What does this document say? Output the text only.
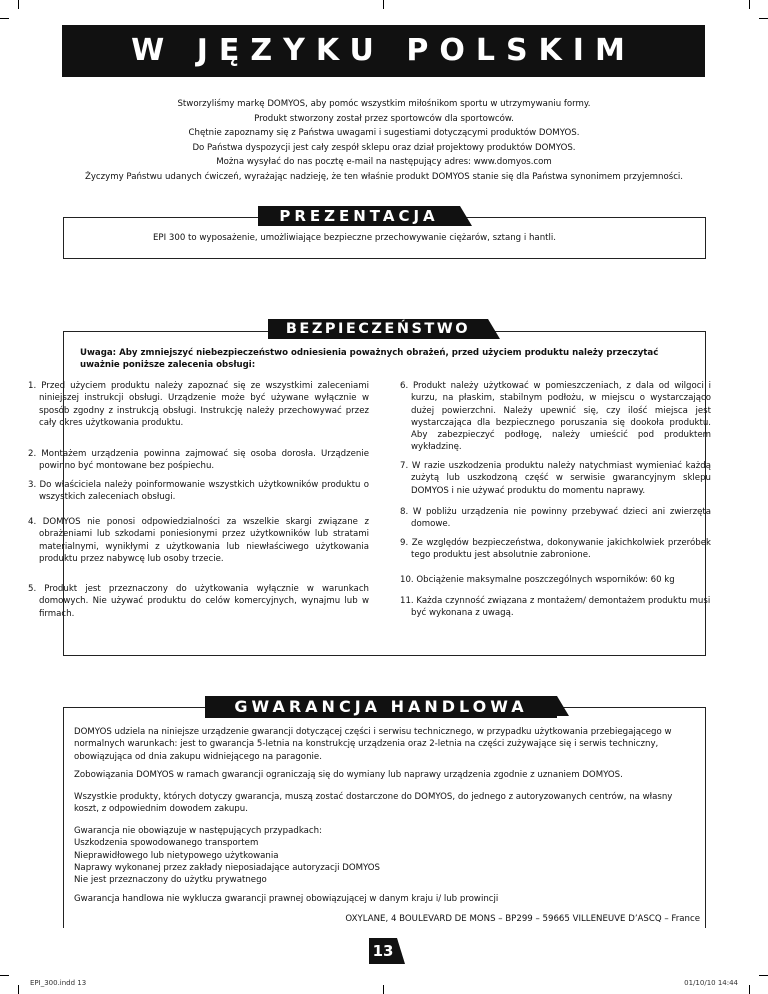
W JĘZYKU POLSKIM
Stworzyliśmy markę DOMYOS, aby pomóc wszystkim miłośnikom sportu w utrzymywaniu formy.
Produkt stworzony został przez sportowców dla sportowców.
Chętnie zapoznamy się z Państwa uwagami i sugestiami dotyczącymi produktów DOMYOS.
Do Państwa dyspozycji jest cały zespół sklepu oraz dział projektowy produktów DOMYOS.
Można wysyłać do nas pocztę e-mail na następujący adres: www.domyos.com
Życzymy Państwu udanych ćwiczeń, wyrażając nadzieję, że ten właśnie produkt DOMYOS stanie się dla Państwa synonimem przyjemności.
PREZENTACJA
EPI 300 to wyposażenie, umożliwiające bezpieczne przechowywanie ciężarów, sztang i hantli.
BEZPIECZEŃSTWO
Uwaga: Aby zmniejszyć niebezpieczeństwo odniesienia poważnych obrażeń, przed użyciem produktu należy przeczytać uważnie poniższe zalecenia obsługi:
1. Przed użyciem produktu należy zapoznać się ze wszystkimi zaleceniami niniejszej instrukcji obsługi. Urządzenie może być używane wyłącznie w sposób zgodny z instrukcją obsługi. Instrukcję należy przechowywać przez cały okres użytkowania produktu.
2. Montażem urządzenia powinna zajmować się osoba dorosła. Urządzenie powinno być montowane bez pośpiechu.
3. Do właściciela należy poinformowanie wszystkich użytkowników produktu o wszystkich zaleceniach obsługi.
4. DOMYOS nie ponosi odpowiedzialności za wszelkie skargi związane z obrażeniami lub szkodami poniesionymi przez użytkowników lub stratami materialnymi, wynikłymi z użytkowania lub niewłaściwego użytkowania produktu przez nabywcę lub osoby trzecie.
5. Produkt jest przeznaczony do użytkowania wyłącznie w warunkach domowych. Nie używać produktu do celów komercyjnych, wynajmu lub w firmach.
6. Produkt należy użytkować w pomieszczeniach, z dala od wilgoci i kurzu, na płaskim, stabilnym podłożu, w miejscu o wystarczająco dużej powierzchni. Należy upewnić się, czy ilość miejsca jest wystarczająca dla bezpiecznego poruszania się dookoła produktu. Aby zabezpieczyć podłogę, należy umieścić pod produktem wykładzinę.
7. W razie uszkodzenia produktu należy natychmiast wymieniać każdą zużytą lub uszkodzoną część w serwisie gwarancyjnym sklepu DOMYOS i nie używać produktu do momentu naprawy.
8. W pobliżu urządzenia nie powinny przebywać dzieci ani zwierzęta domowe.
9. Ze względów bezpieczeństwa, dokonywanie jakichkolwiek przeróbek tego produktu jest absolutnie zabronione.
10. Obciążenie maksymalne poszczególnych wsporników: 60 kg
11. Każda czynność związana z montażem/ demontażem produktu musi być wykonana z uwagą.
GWARANCJA HANDLOWA
DOMYOS udziela na niniejsze urządzenie gwarancji dotyczącej części i serwisu technicznego, w przypadku użytkowania przebiegającego w normalnych warunkach: jest to gwarancja 5-letnia na konstrukcję urządzenia oraz 2-letnia na części zużywające się i serwis techniczny, obowiązująca od dnia zakupu widniejącego na paragonie.
Zobowiązania DOMYOS w ramach gwarancji ograniczają się do wymiany lub naprawy urządzenia zgodnie z uznaniem DOMYOS.
Wszystkie produkty, których dotyczy gwarancja, muszą zostać dostarczone do DOMYOS, do jednego z autoryzowanych centrów, na własny koszt, z odpowiednim dowodem zakupu.
Gwarancja nie obowiązuje w następujących przypadkach:
Uszkodzenia spowodowanego transportem
Nieprawidłowego lub nietypowego użytkowania
Naprawy wykonanej przez zakłady nieposiadające autoryzacji DOMYOS
Nie jest przeznaczony do użytku prywatnego
Gwarancja handlowa nie wyklucza gwarancji prawnej obowiązującej w danym kraju i/ lub prowincji
OXYLANE, 4 BOULEVARD DE MONS – BP299 – 59665 VILLENEUVE D’ASCQ – France
13
EPI_300.indd 13	01/10/10 14:44
